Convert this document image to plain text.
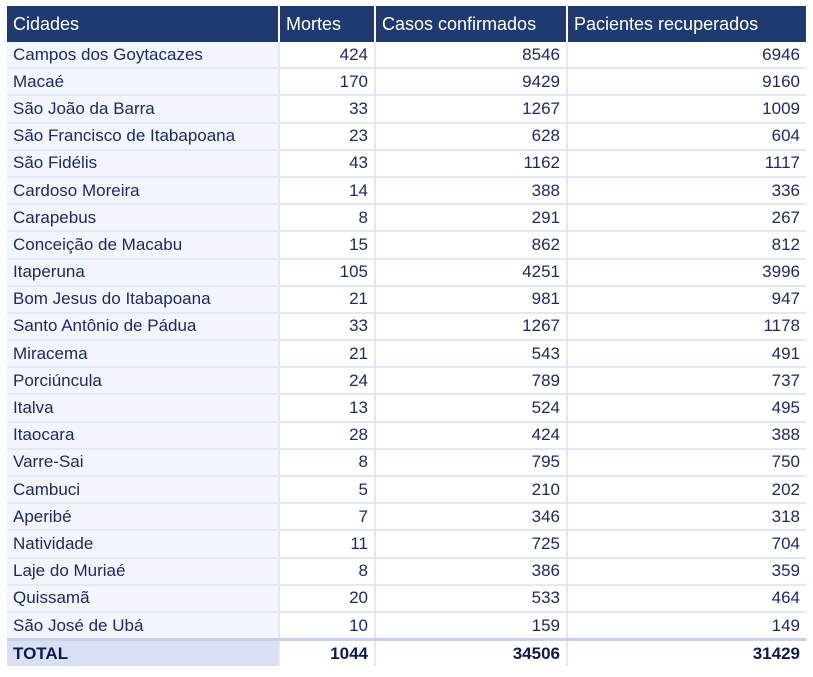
Cidades	Mortes	Casos confirmados	Pacientes recuperados
Campos dos Goytacazes	424	8546	6946
Macaé	170	9429	9160
São João da Barra	33	1267	1009
São Francisco de Itabapoana	23	628	604
São Fidélis	43	1162	1117
Cardoso Moreira	14	388	336
Carapebus	8	291	267
Conceição de Macabu	15	862	812
Itaperuna	105	4251	3996
Bom Jesus do Itabapoana	21	981	947
Santo Antônio de Pádua	33	1267	1178
Miracema	21	543	491
Porciúncula	24	789	737
Italva	13	524	495
Itaocara	28	424	388
Varre-Sai	8	795	750
Cambuci	5	210	202
Aperibé	7	346	318
Natividade	11	725	704
Laje do Muriaé	8	386	359
Quissamã	20	533	464
São José de Ubá	10	159	149
TOTAL	1044	34506	31429
